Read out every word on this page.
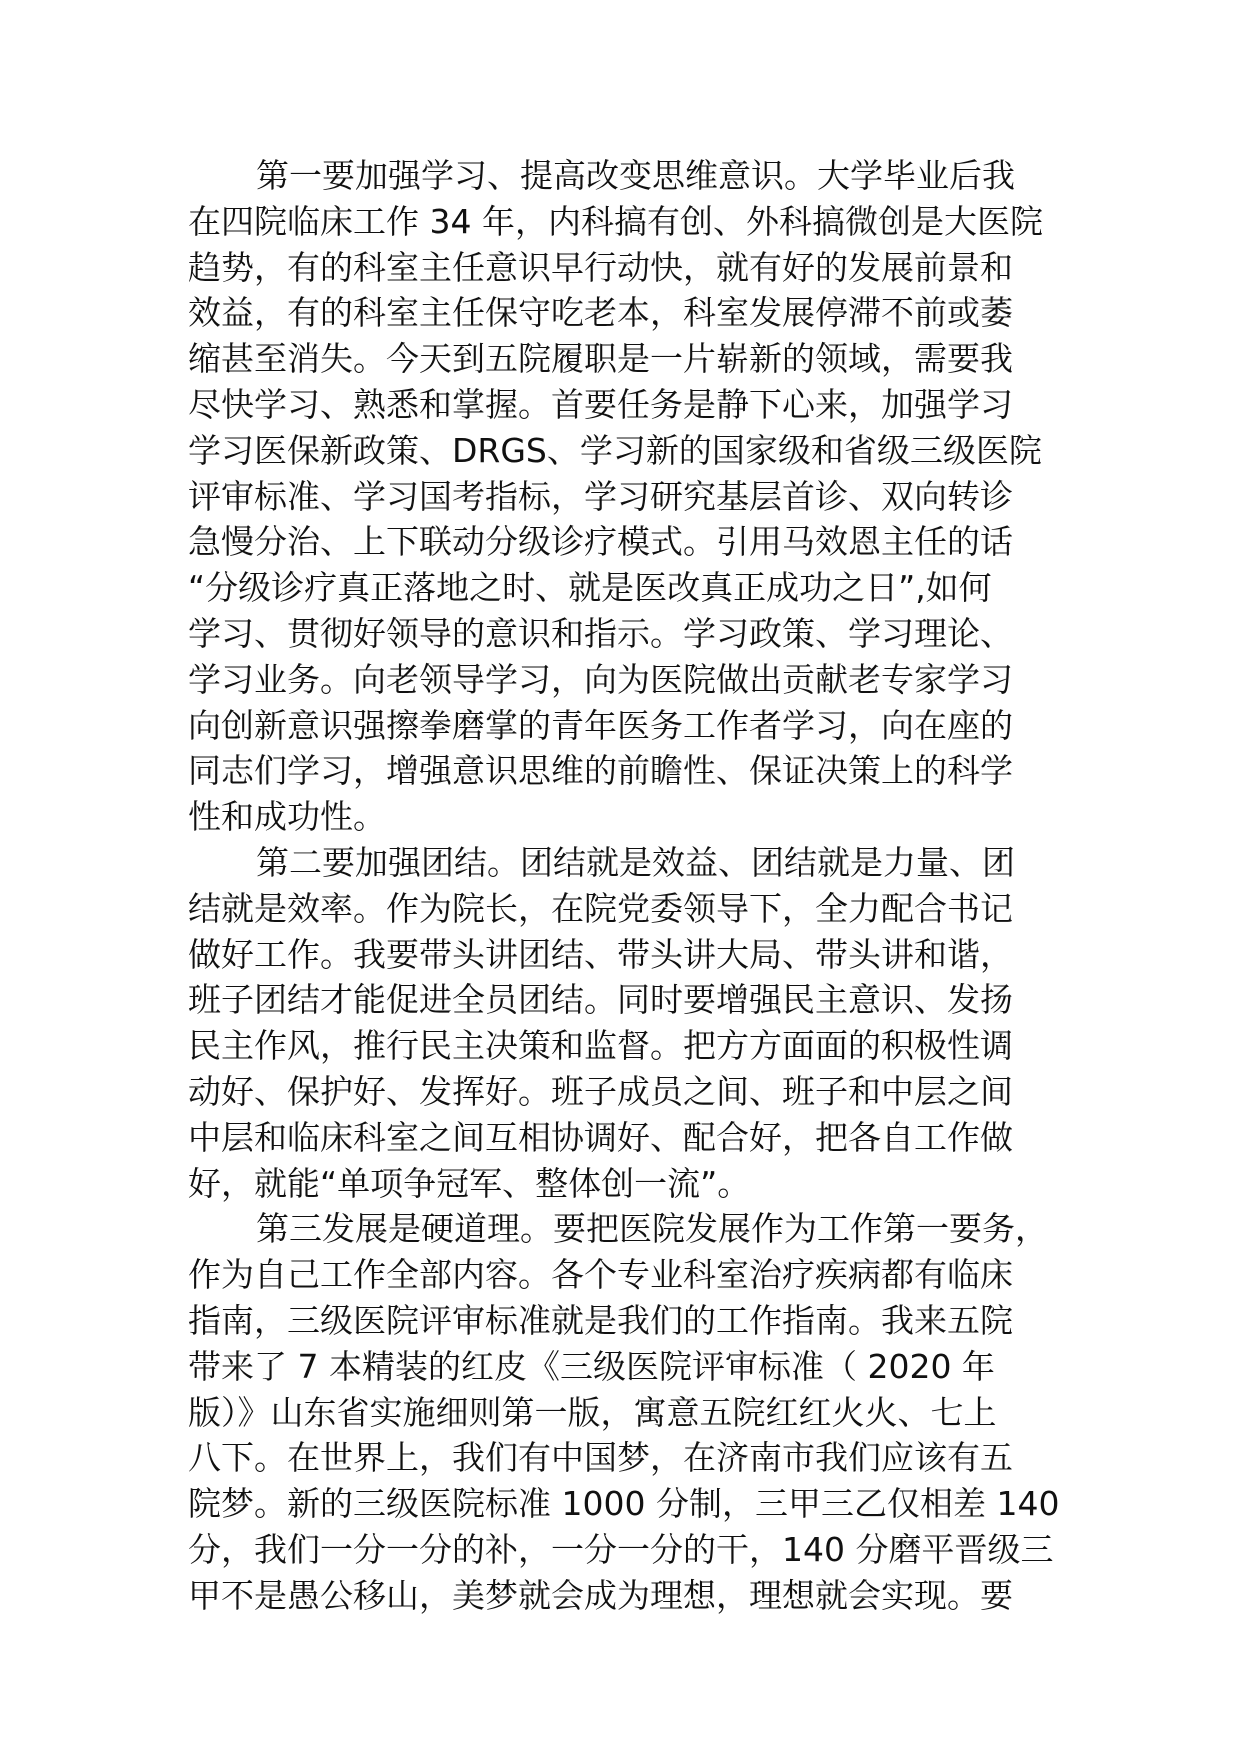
第一要加强学习、提高改变思维意识。大学毕业后我
在四院临床工作 34 年，内科搞有创、外科搞微创是大医院
趋势，有的科室主任意识早行动快，就有好的发展前景和
效益，有的科室主任保守吃老本，科室发展停滞不前或萎
缩甚至消失。今天到五院履职是一片崭新的领域，需要我
尽快学习、熟悉和掌握。首要任务是静下心来，加强学习
学习医保新政策、DRGS、学习新的国家级和省级三级医院
评审标准、学习国考指标，学习研究基层首诊、双向转诊
急慢分治、上下联动分级诊疗模式。引用马效恩主任的话
“分级诊疗真正落地之时、就是医改真正成功之日”,如何
学习、贯彻好领导的意识和指示。学习政策、学习理论、
学习业务。向老领导学习，向为医院做出贡献老专家学习
向创新意识强擦拳磨掌的青年医务工作者学习，向在座的
同志们学习，增强意识思维的前瞻性、保证决策上的科学
性和成功性。
第二要加强团结。团结就是效益、团结就是力量、团
结就是效率。作为院长，在院党委领导下，全力配合书记
做好工作。我要带头讲团结、带头讲大局、带头讲和谐，
班子团结才能促进全员团结。同时要增强民主意识、发扬
民主作风，推行民主决策和监督。把方方面面的积极性调
动好、保护好、发挥好。班子成员之间、班子和中层之间
中层和临床科室之间互相协调好、配合好，把各自工作做
好，就能“单项争冠军、整体创一流”。
第三发展是硬道理。要把医院发展作为工作第一要务，
作为自己工作全部内容。各个专业科室治疗疾病都有临床
指南，三级医院评审标准就是我们的工作指南。我来五院
带来了 7 本精装的红皮《三级医院评审标准（ 2020 年
版）》山东省实施细则第一版，寓意五院红红火火、七上
八下。在世界上，我们有中国梦，在济南市我们应该有五
院梦。新的三级医院标准 1000 分制，三甲三乙仅相差 140
分，我们一分一分的补，一分一分的干，140 分磨平晋级三
甲不是愚公移山，美梦就会成为理想，理想就会实现。要
